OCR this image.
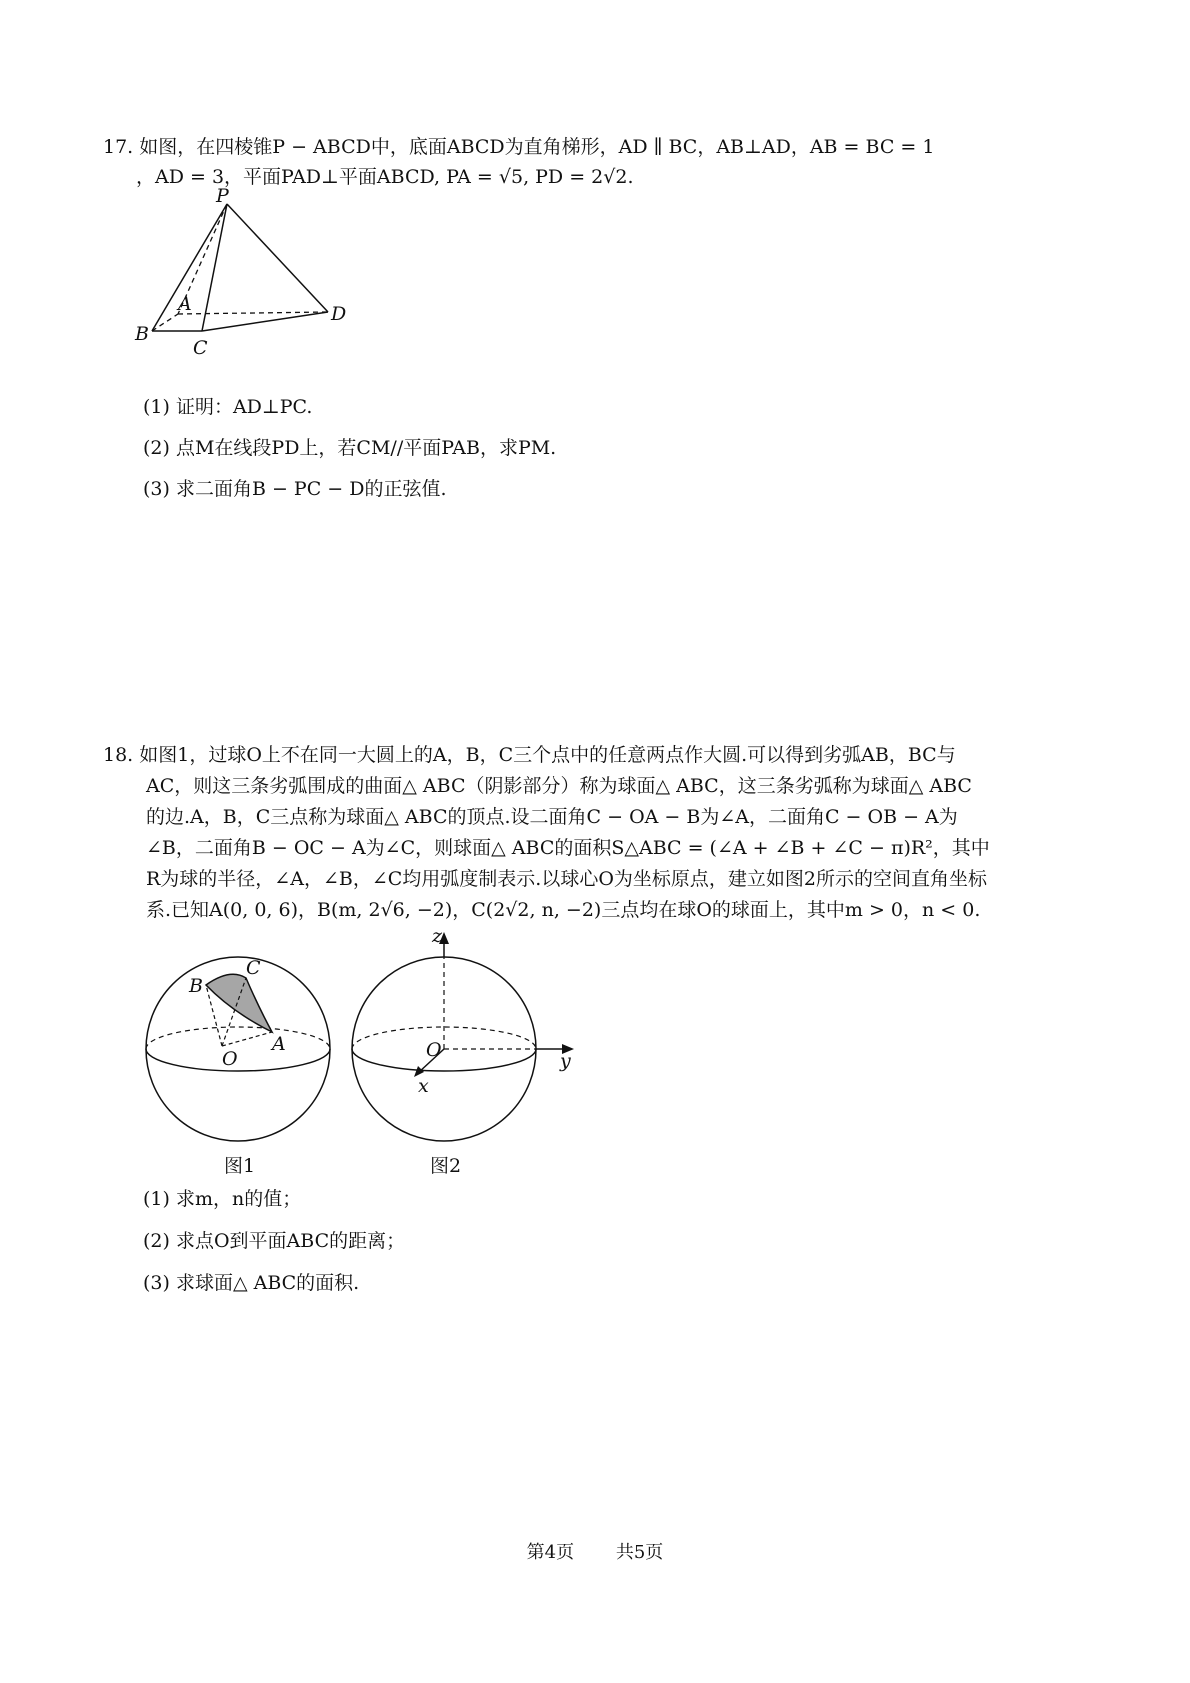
17. 如图，在四棱锥P − ABCD中，底面ABCD为直角梯形，AD ∥ BC，AB⊥AD，AB = BC = 1
，AD = 3，平面PAD⊥平面ABCD, PA = √5, PD = 2√2.
P
A
B
C
D
(1) 证明：AD⊥PC.
(2) 点M在线段PD上，若CM//平面PAB，求PM.
(3) 求二面角B − PC − D的正弦值.
18. 如图1，过球O上不在同一大圆上的A，B，C三个点中的任意两点作大圆.可以得到劣弧AB，BC与
AC，则这三条劣弧围成的曲面△ ABC（阴影部分）称为球面△ ABC，这三条劣弧称为球面△ ABC
的边.A，B，C三点称为球面△ ABC的顶点.设二面角C − OA − B为∠A，二面角C − OB − A为
∠B，二面角B − OC − A为∠C，则球面△ ABC的面积S△ABC = (∠A + ∠B + ∠C − π)R²，其中
R为球的半径，∠A，∠B，∠C均用弧度制表示.以球心O为坐标原点，建立如图2所示的空间直角坐标
系.已知A(0, 0, 6)，B(m, 2√6, −2)，C(2√2, n, −2)三点均在球O的球面上，其中m > 0，n < 0.
C
B
A
O
图1
z
O	y
x
图2
(1) 求m，n的值；
(2) 求点O到平面ABC的距离；
(3) 求球面△ ABC的面积.
第4页 共5页
